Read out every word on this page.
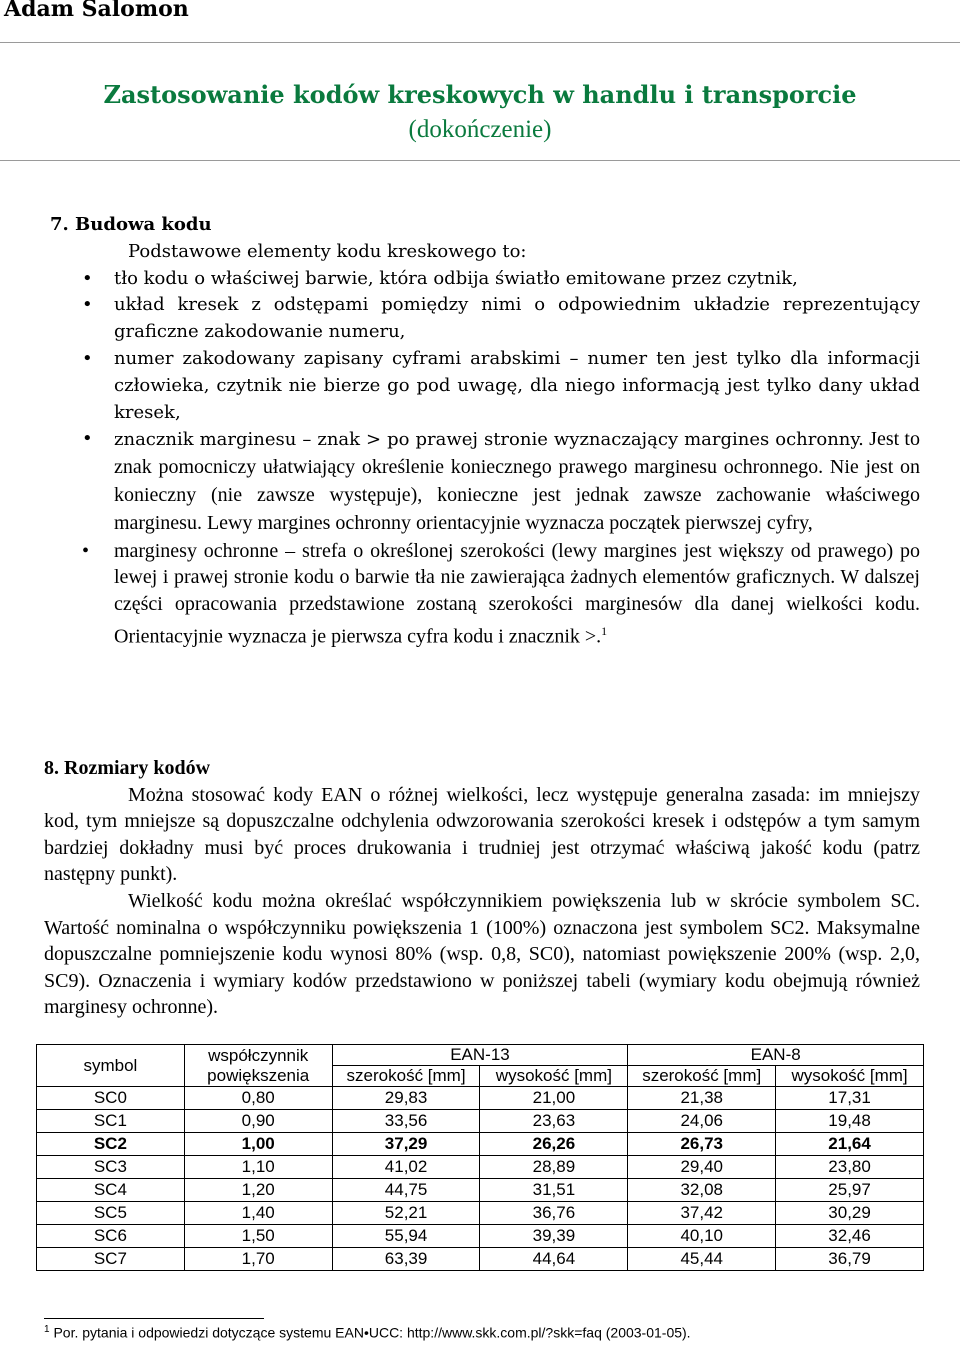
Adam Salomon
Zastosowanie kodów kreskowych w handlu i transporcie
(dokończenie)
7. Budowa kodu
Podstawowe elementy kodu kreskowego to:
• tło kodu o właściwej barwie, która odbija światło emitowane przez czytnik,
• układ kresek z odstępami pomiędzy nimi o odpowiednim układzie reprezentujący graficzne zakodowanie numeru,
• numer zakodowany zapisany cyframi arabskimi – numer ten jest tylko dla informacji człowieka, czytnik nie bierze go pod uwagę, dla niego informacją jest tylko dany układ kresek,
• znacznik marginesu – znak > po prawej stronie wyznaczający margines ochronny. Jest to znak pomocniczy ułatwiający określenie koniecznego prawego marginesu ochronnego. Nie jest on konieczny (nie zawsze występuje), konieczne jest jednak zawsze zachowanie właściwego marginesu. Lewy margines ochronny orientacyjnie wyznacza początek pierwszej cyfry,
• marginesy ochronne – strefa o określonej szerokości (lewy margines jest większy od prawego) po lewej i prawej stronie kodu o barwie tła nie zawierająca żadnych elementów graficznych. W dalszej części opracowania przedstawione zostaną szerokości marginesów dla danej wielkości kodu. Orientacyjnie wyznacza je pierwsza cyfra kodu i znacznik >.$^1$
8. Rozmiary kodów

Można stosować kody EAN o różnej wielkości, lecz występuje generalna zasada: im mniejszy kod, tym mniejsze są dopuszczalne odchylenia odwzorowania szerokości kresek i odstępów a tym samym bardziej dokładny musi być proces drukowania i trudniej jest otrzymać właściwą jakość kodu (patrz następny punkt).

Wielkość kodu można określać współczynnikiem powiększenia lub w skrócie symbolem SC. Wartość nominalna o współczynniku powiększenia 1 (100%) oznaczona jest symbolem SC2. Maksymalne dopuszczalne pomniejszenie kodu wynosi 80% (wsp. 0,8, SC0), natomiast powiększenie 200% (wsp. 2,0, SC9). Oznaczenia i wymiary kodów przedstawiono w poniższej tabeli (wymiary kodu obejmują również marginesy ochronne).

symbol	współczynnik powiększenia	EAN-13		EAN-8	
		szerokość [mm]	wysokość [mm]	szerokość [mm]	wysokość [mm]
SC0	0,80	29,83	21,00	21,38	17,31
SC1	0,90	33,56	23,63	24,06	19,48
SC2	1,00	37,29	26,26	26,73	21,64
SC3	1,10	41,02	28,89	29,40	23,80
SC4	1,20	44,75	31,51	32,08	25,97
SC5	1,40	52,21	36,76	37,42	30,29
SC6	1,50	55,94	39,39	40,10	32,46
SC7	1,70	63,39	44,64	45,44	36,79
$^1$ Por. pytania i odpowiedzi dotyczące systemu EAN•UCC: http://www.skk.com.pl/?skk=faq (2003-01-05).
